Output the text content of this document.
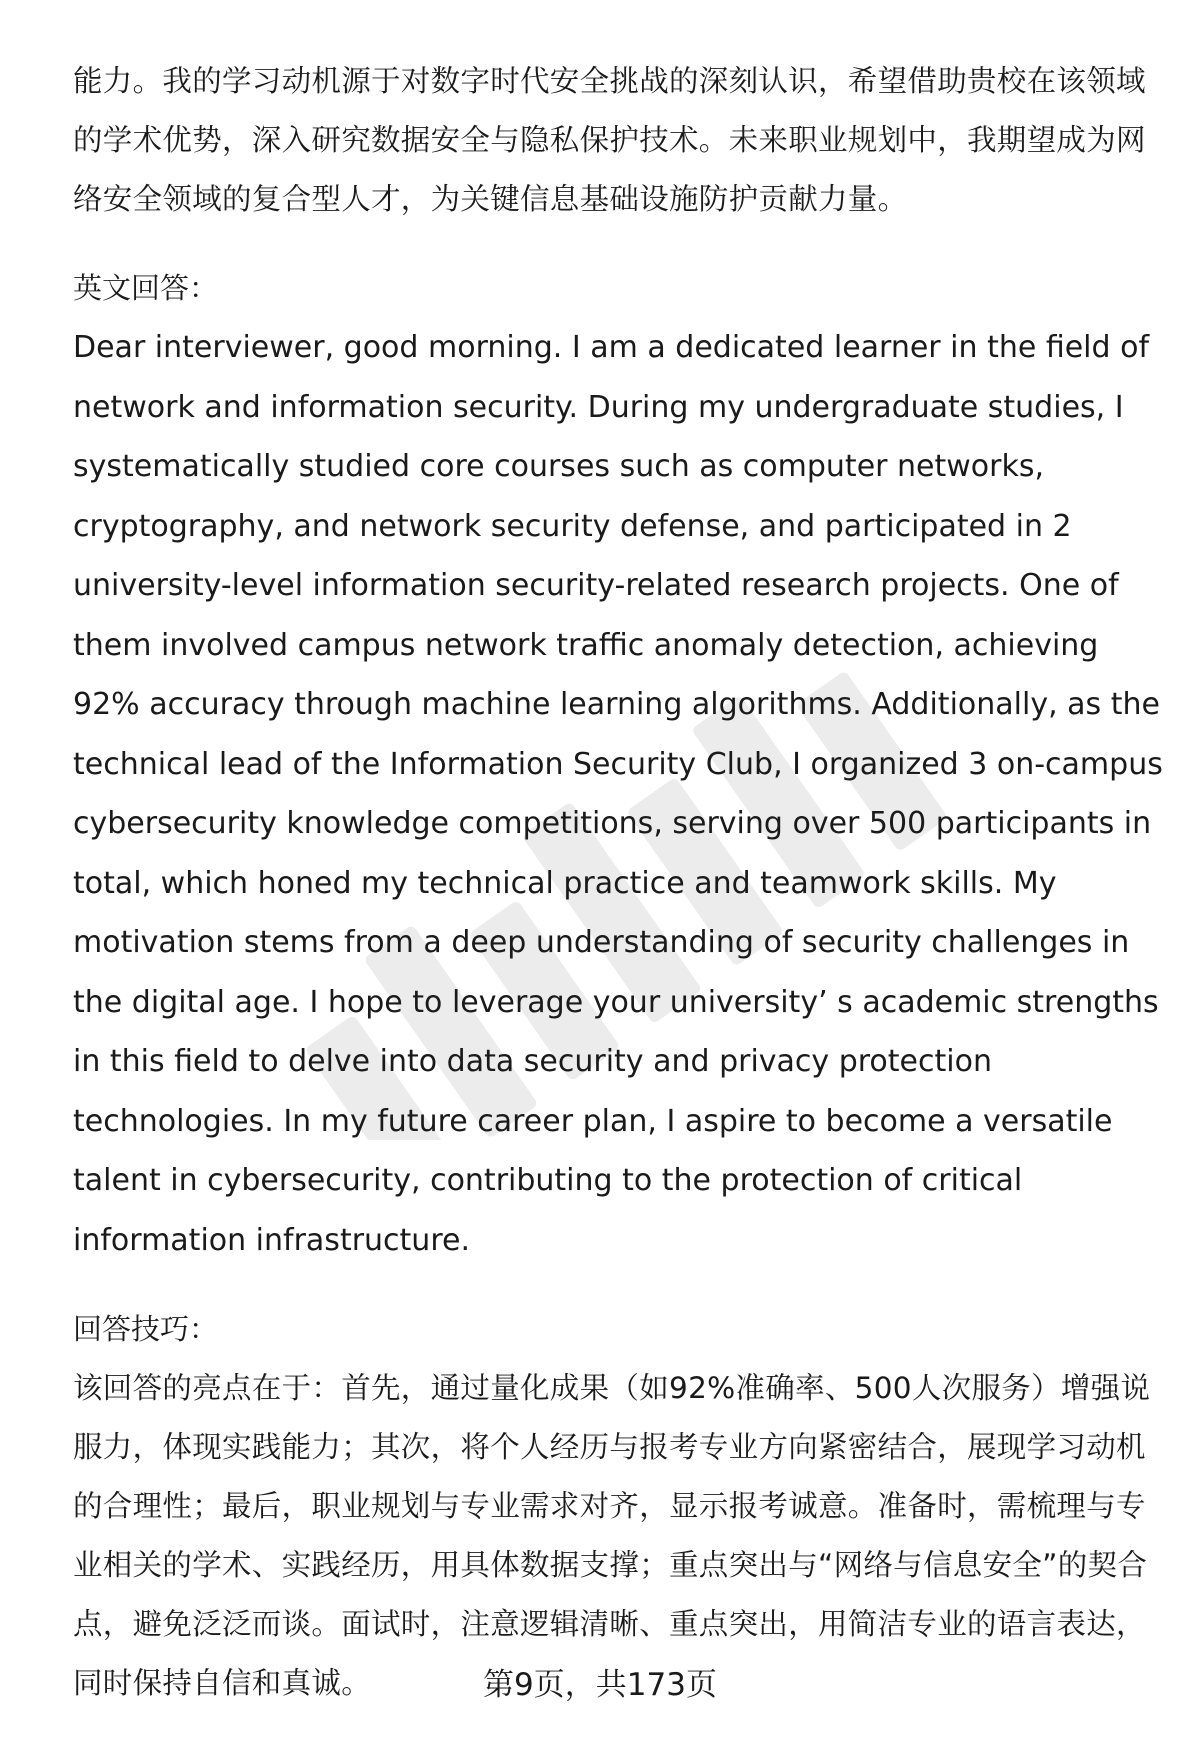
能力。我的学习动机源于对数字时代安全挑战的深刻认识，希望借助贵校在该领域的学术优势，深入研究数据安全与隐私保护技术。未来职业规划中，我期望成为网络安全领域的复合型人才，为关键信息基础设施防护贡献力量。

英文回答：

Dear interviewer, good morning. I am a dedicated learner in the field of network and information security. During my undergraduate studies, I systematically studied core courses such as computer networks, cryptography, and network security defense, and participated in 2 university-level information security-related research projects. One of them involved campus network traffic anomaly detection, achieving 92% accuracy through machine learning algorithms. Additionally, as the technical lead of the Information Security Club, I organized 3 on-campus cybersecurity knowledge competitions, serving over 500 participants in total, which honed my technical practice and teamwork skills. My motivation stems from a deep understanding of security challenges in the digital age. I hope to leverage your university’ s academic strengths in this field to delve into data security and privacy protection technologies. In my future career plan, I aspire to become a versatile talent in cybersecurity, contributing to the protection of critical information infrastructure.

回答技巧：

该回答的亮点在于：首先，通过量化成果（如92%准确率、500人次服务）增强说服力，体现实践能力；其次，将个人经历与报考专业方向紧密结合，展现学习动机的合理性；最后，职业规划与专业需求对齐，显示报考诚意。准备时，需梳理与专业相关的学术、实践经历，用具体数据支撑；重点突出与“网络与信息安全”的契合点，避免泛泛而谈。面试时，注意逻辑清晰、重点突出，用简洁专业的语言表达，同时保持自信和真诚。	第9页，共173页
